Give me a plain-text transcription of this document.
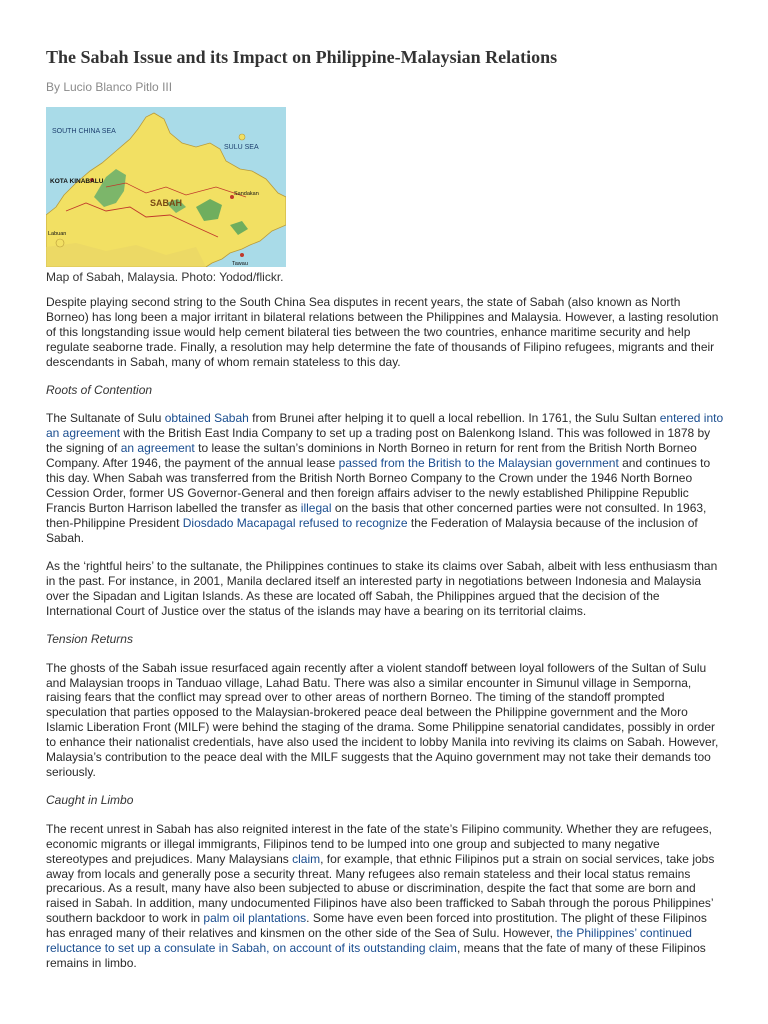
The Sabah Issue and its Impact on Philippine-Malaysian Relations
By Lucio Blanco Pitlo III
SOUTH CHINA SEA
SULU SEA
KOTA KINABALU
SABAH
Labuan
Sandakan
Tawau
Map of Sabah, Malaysia. Photo: Yodod/flickr.

Despite playing second string to the South China Sea disputes in recent years, the state of Sabah (also known as North Borneo) has long been a major irritant in bilateral relations between the Philippines and Malaysia. However, a lasting resolution of this longstanding issue would help cement bilateral ties between the two countries, enhance maritime security and help regulate seaborne trade. Finally, a resolution may help determine the fate of thousands of Filipino refugees, migrants and their descendants in Sabah, many of whom remain stateless to this day.

Roots of Contention

The Sultanate of Sulu obtained Sabah from Brunei after helping it to quell a local rebellion. In 1761, the Sulu Sultan entered into an agreement with the British East India Company to set up a trading post on Balenkong Island. This was followed in 1878 by the signing of an agreement to lease the sultan’s dominions in North Borneo in return for rent from the British North Borneo Company. After 1946, the payment of the annual lease passed from the British to the Malaysian government and continues to this day. When Sabah was transferred from the British North Borneo Company to the Crown under the 1946 North Borneo Cession Order, former US Governor-General and then foreign affairs adviser to the newly established Philippine Republic Francis Burton Harrison labelled the transfer as illegal on the basis that other concerned parties were not consulted. In 1963, then-Philippine President Diosdado Macapagal refused to recognize the Federation of Malaysia because of the inclusion of Sabah.

As the ‘rightful heirs’ to the sultanate, the Philippines continues to stake its claims over Sabah, albeit with less enthusiasm than in the past. For instance, in 2001, Manila declared itself an interested party in negotiations between Indonesia and Malaysia over the Sipadan and Ligitan Islands. As these are located off Sabah, the Philippines argued that the decision of the International Court of Justice over the status of the islands may have a bearing on its territorial claims.

Tension Returns

The ghosts of the Sabah issue resurfaced again recently after a violent standoff between loyal followers of the Sultan of Sulu and Malaysian troops in Tanduao village, Lahad Batu. There was also a similar encounter in Simunul village in Semporna, raising fears that the conflict may spread over to other areas of northern Borneo. The timing of the standoff prompted speculation that parties opposed to the Malaysian-brokered peace deal between the Philippine government and the Moro Islamic Liberation Front (MILF) were behind the staging of the drama. Some Philippine senatorial candidates, possibly in order to enhance their nationalist credentials, have also used the incident to lobby Manila into reviving its claims on Sabah. However, Malaysia’s contribution to the peace deal with the MILF suggests that the Aquino government may not take their demands too seriously.

Caught in Limbo

The recent unrest in Sabah has also reignited interest in the fate of the state’s Filipino community. Whether they are refugees, economic migrants or illegal immigrants, Filipinos tend to be lumped into one group and subjected to many negative stereotypes and prejudices. Many Malaysians claim, for example, that ethnic Filipinos put a strain on social services, take jobs away from locals and generally pose a security threat. Many refugees also remain stateless and their local status remains precarious. As a result, many have also been subjected to abuse or discrimination, despite the fact that some are born and raised in Sabah. In addition, many undocumented Filipinos have also been trafficked to Sabah through the porous Philippines’ southern backdoor to work in palm oil plantations. Some have even been forced into prostitution. The plight of these Filipinos has enraged many of their relatives and kinsmen on the other side of the Sea of Sulu. However, the Philippines’ continued reluctance to set up a consulate in Sabah, on account of its outstanding claim, means that the fate of many of these Filipinos remains in limbo.
